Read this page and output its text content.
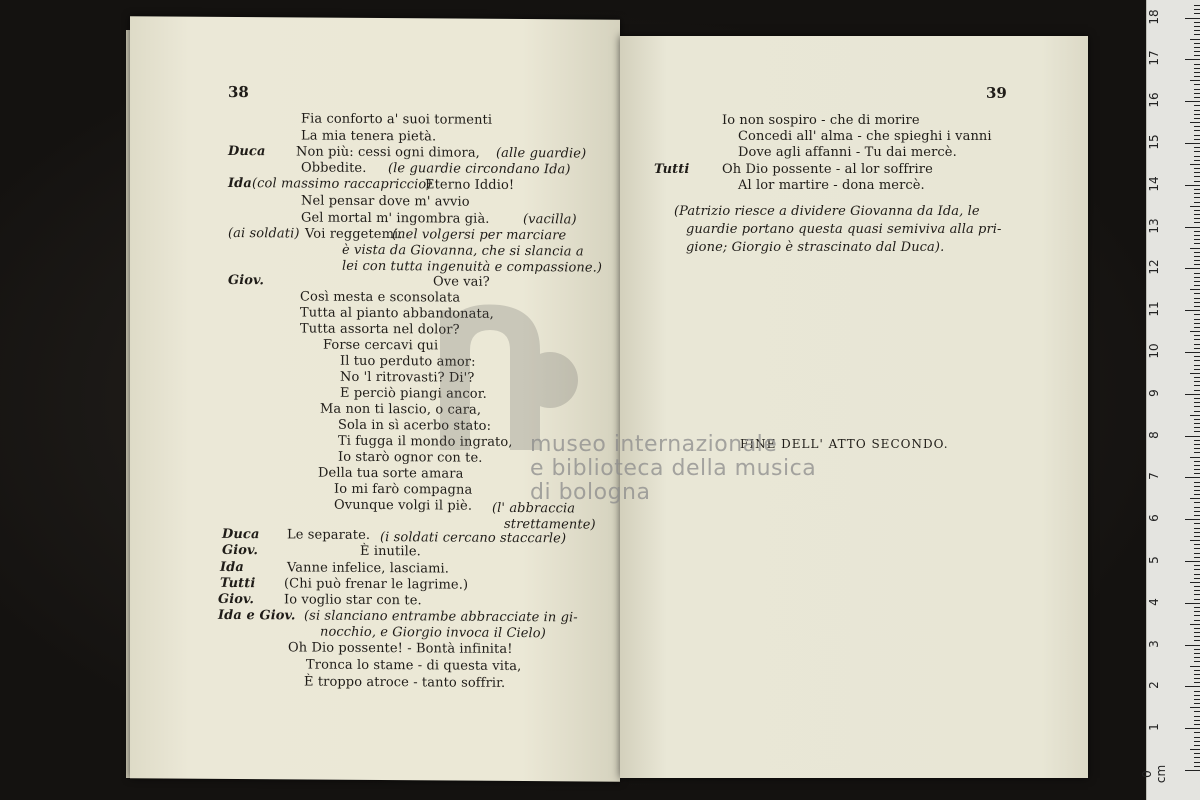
38
Fia conforto a' suoi tormenti
La mia tenera pietà.
Duca Non più: cessi ogni dimora, (alle guardie)
Obbedite. (le guardie circondano Ida)
Ida (col massimo raccapriccio)
Eterno Iddio!
Nel pensar dove m' avvio
Gel mortal m' ingombra già.	(vacilla)
(ai soldati) Voi reggetemi.
(nel volgersi per marciare
è vista da Giovanna, che si slancia a
lei con tutta ingenuità e compassione.)
Giov.	Ove vai?
Così mesta e sconsolata
Tutta al pianto abbandonata,
Tutta assorta nel dolor?
Forse cercavi qui
Il tuo perduto amor:
No 'l ritrovasti? Di'?
E perciò piangi ancor.
Ma non ti lascio, o cara,
Sola in sì acerbo stato:
Ti fugga il mondo ingrato,
Io starò ognor con te.
Della tua sorte amara
Io mi farò compagna
Ovunque volgi il piè. (l' abbraccia
strettamente)
Duca Le separate. (i soldati cercano staccarle)
Giov.	È inutile.
Ida	Vanne infelice, lasciami.
Tutti (Chi può frenar le lagrime.)
Giov. Io voglio star con te.
Ida e Giov. (si slanciano entrambe abbracciate in gi-
nocchio, e Giorgio invoca il Cielo)
Oh Dio possente! - Bontà infinita!
Tronca lo stame - di questa vita,
È troppo atroce - tanto soffrir.
39
Io non sospiro - che di morire
Concedi all' alma - che spieghi i vanni
Dove agli affanni - Tu dai mercè.
Tutti	Oh Dio possente - al lor soffrire
Al lor martire - dona mercè.
(Patrizio riesce a dividere Giovanna da Ida, le
guardie portano questa quasi semiviva alla pri-
gione; Giorgio è strascinato dal Duca).
FINE DELL' ATTO SECONDO.
museo internazionale
e biblioteca della musica
di bologna
0 cm
1
2
3
4
5
6
7
8
9
10
11
12
13
14
15
16
17
18
